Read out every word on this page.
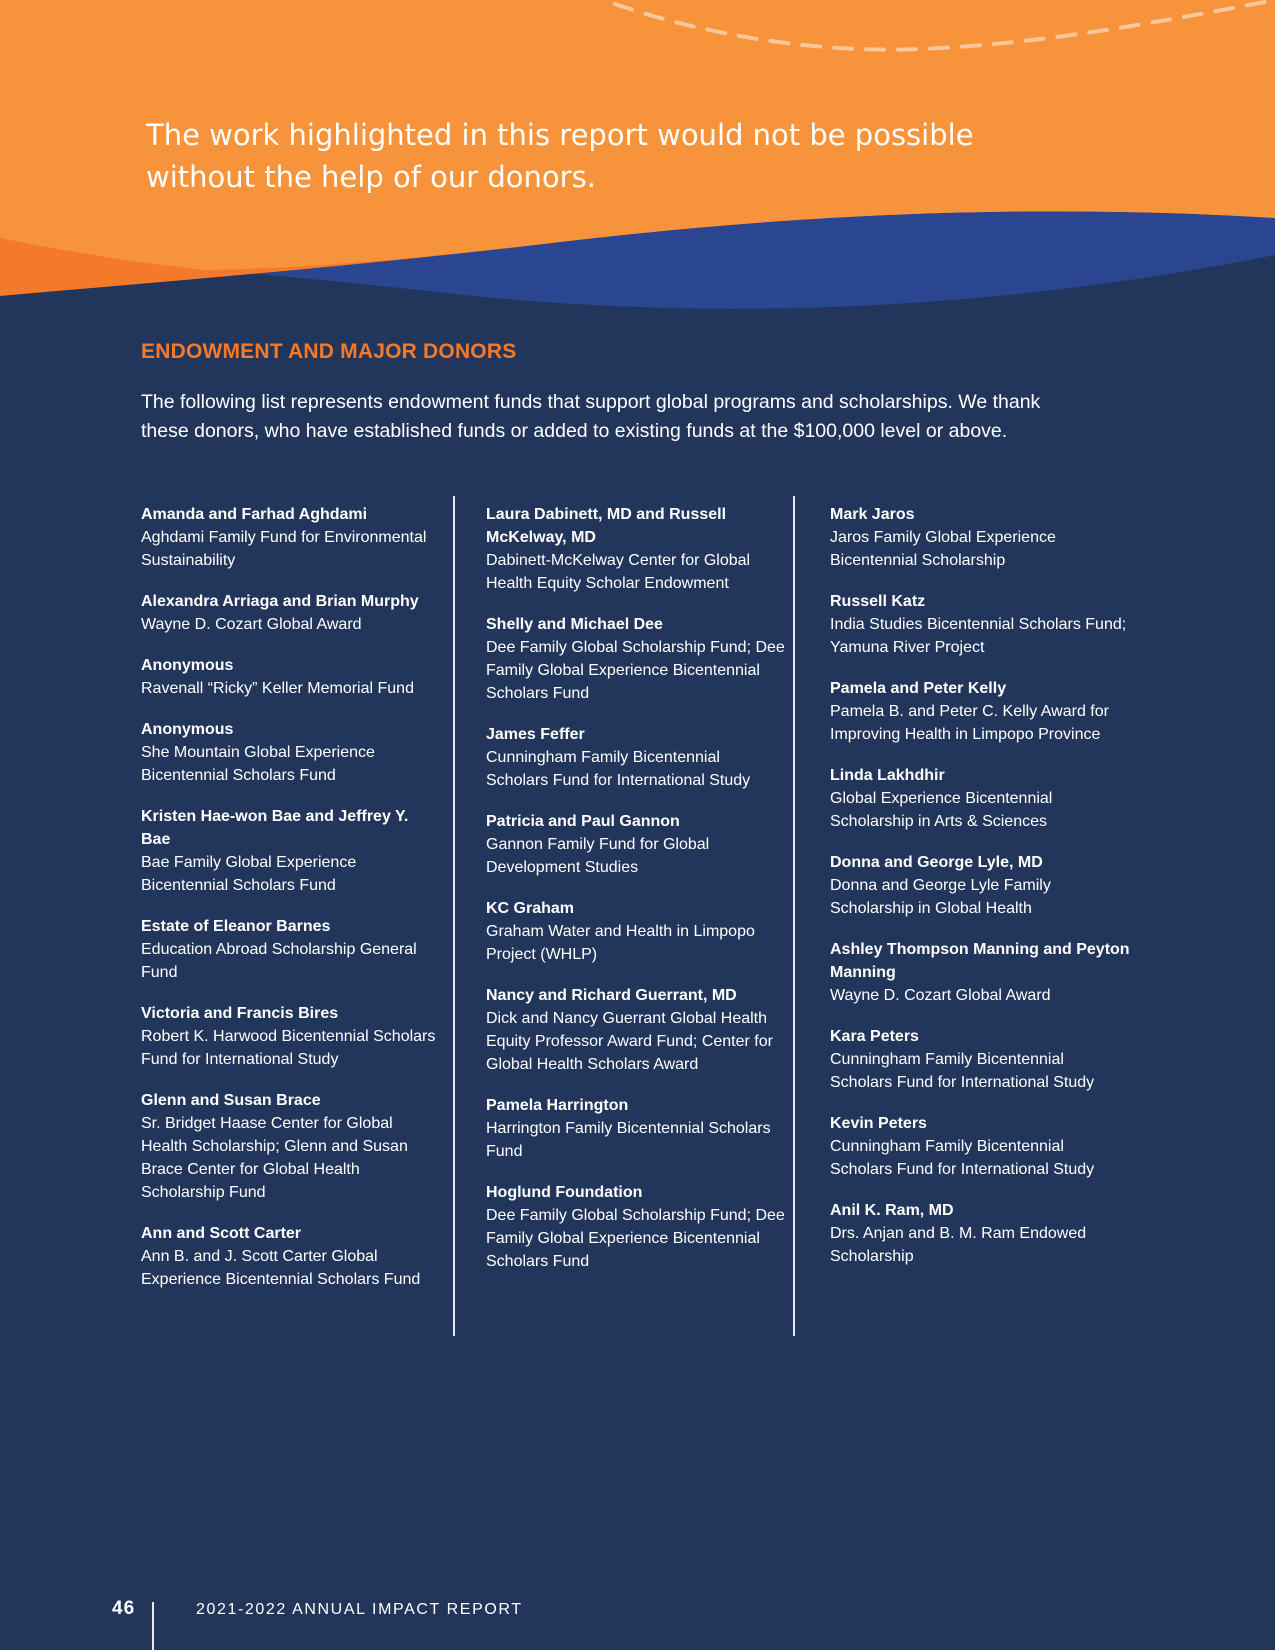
The work highlighted in this report would not be possible without the help of our donors.
ENDOWMENT AND MAJOR DONORS

The following list represents endowment funds that support global programs and scholarships. We thank these donors, who have established funds or added to existing funds at the $100,000 level or above.

Amanda and Farhad Aghdami
Aghdami Family Fund for Environmental Sustainability
Alexandra Arriaga and Brian Murphy
Wayne D. Cozart Global Award
Anonymous
Ravenall “Ricky” Keller Memorial Fund
Anonymous
She Mountain Global Experience Bicentennial Scholars Fund
Kristen Hae-won Bae and Jeffrey Y. Bae
Bae Family Global Experience Bicentennial Scholars Fund
Estate of Eleanor Barnes
Education Abroad Scholarship General Fund
Victoria and Francis Bires
Robert K. Harwood Bicentennial Scholars Fund for International Study
Glenn and Susan Brace
Sr. Bridget Haase Center for Global Health Scholarship; Glenn and Susan Brace Center for Global Health Scholarship Fund
Ann and Scott Carter
Ann B. and J. Scott Carter Global Experience Bicentennial Scholars Fund
Laura Dabinett, MD and Russell McKelway, MD
Dabinett-McKelway Center for Global Health Equity Scholar Endowment
Shelly and Michael Dee
Dee Family Global Scholarship Fund; Dee Family Global Experience Bicentennial Scholars Fund
James Feffer
Cunningham Family Bicentennial Scholars Fund for International Study
Patricia and Paul Gannon
Gannon Family Fund for Global Development Studies
KC Graham
Graham Water and Health in Limpopo Project (WHLP)
Nancy and Richard Guerrant, MD
Dick and Nancy Guerrant Global Health Equity Professor Award Fund; Center for Global Health Scholars Award
Pamela Harrington
Harrington Family Bicentennial Scholars Fund
Hoglund Foundation
Dee Family Global Scholarship Fund; Dee Family Global Experience Bicentennial Scholars Fund
Mark Jaros
Jaros Family Global Experience Bicentennial Scholarship
Russell Katz
India Studies Bicentennial Scholars Fund; Yamuna River Project
Pamela and Peter Kelly
Pamela B. and Peter C. Kelly Award for Improving Health in Limpopo Province
Linda Lakhdhir
Global Experience Bicentennial Scholarship in Arts & Sciences
Donna and George Lyle, MD
Donna and George Lyle Family Scholarship in Global Health
Ashley Thompson Manning and Peyton Manning
Wayne D. Cozart Global Award
Kara Peters
Cunningham Family Bicentennial Scholars Fund for International Study
Kevin Peters
Cunningham Family Bicentennial Scholars Fund for International Study
Anil K. Ram, MD
Drs. Anjan and B. M. Ram Endowed Scholarship
46	2021-2022 ANNUAL IMPACT REPORT
